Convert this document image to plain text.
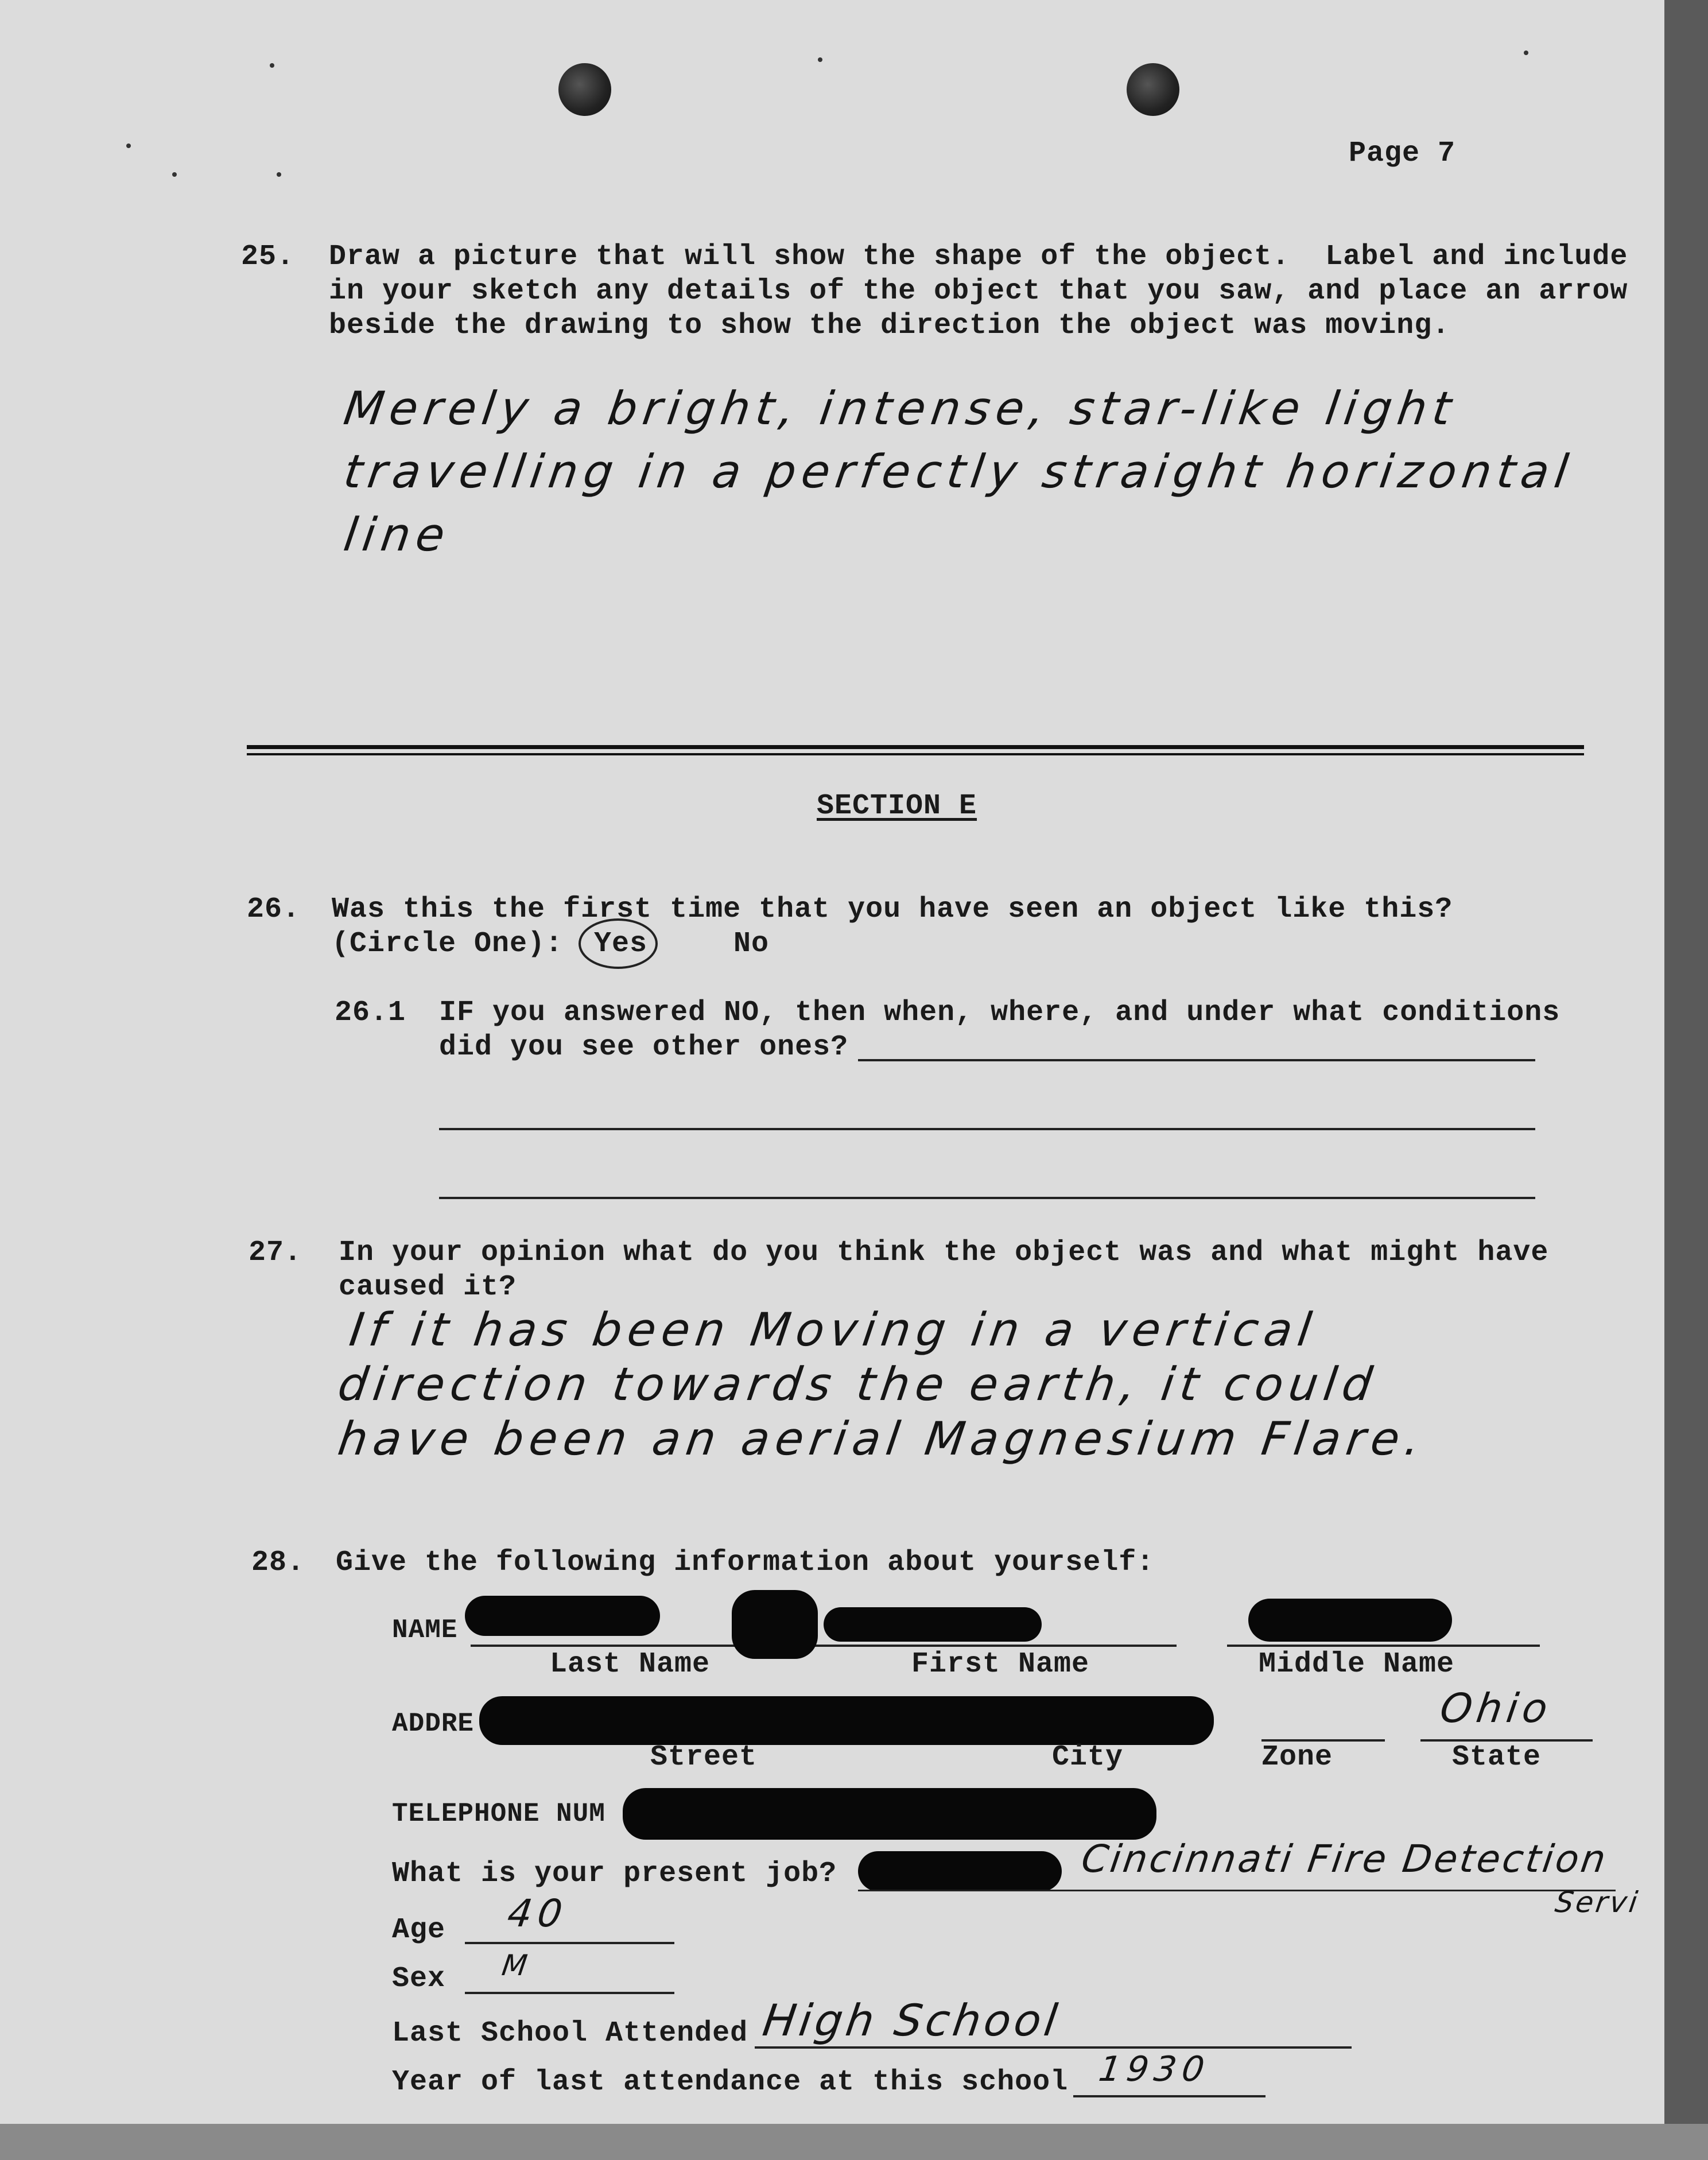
Page 7
25. Draw a picture that will show the shape of the object.  Label and include
in your sketch any details of the object that you saw, and place an arrow
beside the drawing to show the direction the object was moving.
Merely a bright, intense, star-like light
travelling in a perfectly straight horizontal
line
SECTION E
26. Was this the first time that you have seen an object like this?
(Circle One): Yes	No
26.1 IF you answered NO, then when, where, and under what conditions
did you see other ones?
27. In your opinion what do you think the object was and what might have
caused it?
If it has been Moving in a vertical
direction towards the earth, it could
have been an aerial Magnesium Flare.
28. Give the following information about yourself:
NAME
Last Name	First Name	Middle Name
ADDRE	Ohio
Street	City	Zone	State
TELEPHONE NUM
What is your present job?	Cincinnati Fire Detection
Servi
Age 40
Sex M
Last School Attended High School
Year of last attendance at this school 1930
